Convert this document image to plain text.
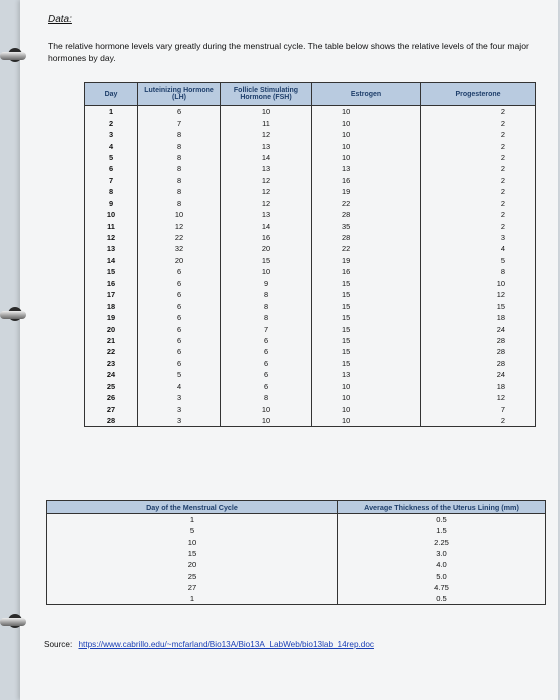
Data:
The relative hormone levels vary greatly during the menstrual cycle. The table below shows the relative levels of the four major hormones by day.
Day	Luteinizing Hormone (LH)	Follicle Stimulating Hormone (FSH)	Estrogen	Progesterone
1	6	10	10	2
2	7	11	10	2
3	8	12	10	2
4	8	13	10	2
5	8	14	10	2
6	8	13	13	2
7	8	12	16	2
8	8	12	19	2
9	8	12	22	2
10	10	13	28	2
11	12	14	35	2
12	22	16	28	3
13	32	20	22	4
14	20	15	19	5
15	6	10	16	8
16	6	9	15	10
17	6	8	15	12
18	6	8	15	15
19	6	8	15	18
20	6	7	15	24
21	6	6	15	28
22	6	6	15	28
23	6	6	15	28
24	5	6	13	24
25	4	6	10	18
26	3	8	10	12
27	3	10	10	7
28	3	10	10	2
Day of the Menstrual Cycle	Average Thickness of the Uterus Lining (mm)
1	0.5
5	1.5
10	2.25
15	3.0
20	4.0
25	5.0
27	4.75
1	0.5
Source: https://www.cabrillo.edu/~mcfarland/Bio13A/Bio13A_LabWeb/bio13lab_14rep.doc
